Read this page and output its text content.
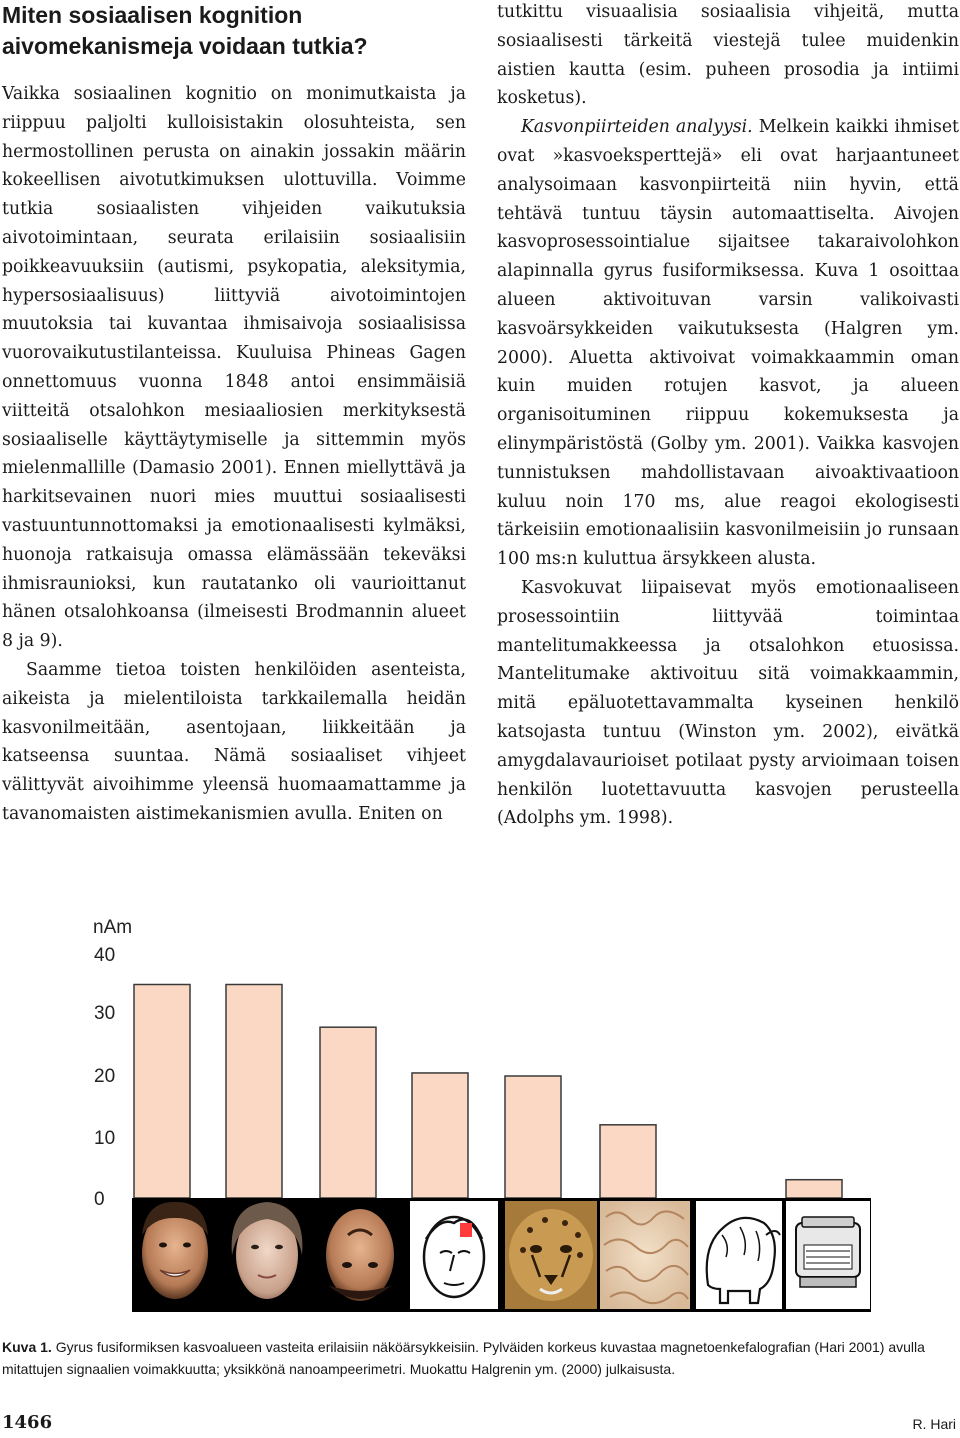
Miten sosiaalisen kognition aivomekanismeja voidaan tutkia?

Vaikka sosiaalinen kognitio on monimutkaista ja riippuu paljolti kulloisistakin olosuhteista, sen hermostollinen perusta on ainakin jossakin määrin kokeellisen aivotutkimuksen ulottuvilla. Voimme tutkia sosiaalisten vihjeiden vaikutuksia aivotoimintaan, seurata erilaisiin sosiaalisiin poikkeavuuksiin (autismi, psykopatia, aleksitymia, hypersosiaalisuus) liittyviä aivotoimintojen muutoksia tai kuvantaa ihmisaivoja sosiaalisissa vuorovaikutustilanteissa. Kuuluisa Phineas Gagen onnettomuus vuonna 1848 antoi ensimmäisiä viitteitä otsalohkon mesiaaliosien merkityksestä sosiaaliselle käyttäytymiselle ja sittemmin myös mielenmallille (Damasio 2001). Ennen miellyttävä ja harkitsevainen nuori mies muuttui sosiaalisesti vastuuntunnottomaksi ja emotionaalisesti kylmäksi, huonoja ratkaisuja omassa elämässään tekeväksi ihmisraunioksi, kun rautatanko oli vaurioittanut hänen otsalohkoansa (ilmeisesti Brodmannin alueet 8 ja 9).

Saamme tietoa toisten henkilöiden asenteista, aikeista ja mielentiloista tarkkailemalla heidän kasvonilmeitään, asentojaan, liikkeitään ja katseensa suuntaa. Nämä sosiaaliset vihjeet välittyvät aivoihimme yleensä huomaamattamme ja tavanomaisten aistimekanismien avulla. Eniten on

tutkittu visuaalisia sosiaalisia vihjeitä, mutta sosiaalisesti tärkeitä viestejä tulee muidenkin aistien kautta (esim. puheen prosodia ja intiimi kosketus).

Kasvonpiirteiden analyysi. Melkein kaikki ihmiset ovat »kasvoeksperttejä» eli ovat harjaantuneet analysoimaan kasvonpiirteitä niin hyvin, että tehtävä tuntuu täysin automaattiselta. Aivojen kasvoprosessointialue sijaitsee takaraivolohkon alapinnalla gyrus fusiformiksessa. Kuva 1 osoittaa alueen aktivoituvan varsin valikoivasti kasvoärsykkeiden vaikutuksesta (Halgren ym. 2000). Aluetta aktivoivat voimakkaammin oman kuin muiden rotujen kasvot, ja alueen organisoituminen riippuu kokemuksesta ja elinympäristöstä (Golby ym. 2001). Vaikka kasvojen tunnistuksen mahdollistavaan aivoaktivaatioon kuluu noin 170 ms, alue reagoi ekologisesti tärkeisiin emotionaalisiin kasvonilmeisiin jo runsaan 100 ms:n kuluttua ärsykkeen alusta.

Kasvokuvat liipaisevat myös emotionaaliseen prosessointiin liittyvää toimintaa mantelitumakkeessa ja otsalohkon etuosissa. Mantelitumake aktivoituu sitä voimakkaammin, mitä epäluotettavammalta kyseinen henkilö katsojasta tuntuu (Winston ym. 2002), eivätkä amygdalavaurioiset potilaat pysty arvioimaan toisen henkilön luotettavuutta kasvojen perusteella (Adolphs ym. 1998).

nAm
40
30
20
10
0

Kuva 1. Gyrus fusiformiksen kasvoalueen vasteita erilaisiin näköärsykkeisiin. Pylväiden korkeus kuvastaa magnetoenkefalografian (Hari 2001) avulla mitattujen signaalien voimakkuutta; yksikkönä nanoampeerimetri. Muokattu Halgrenin ym. (2000) julkaisusta.

1466	R. Hari
